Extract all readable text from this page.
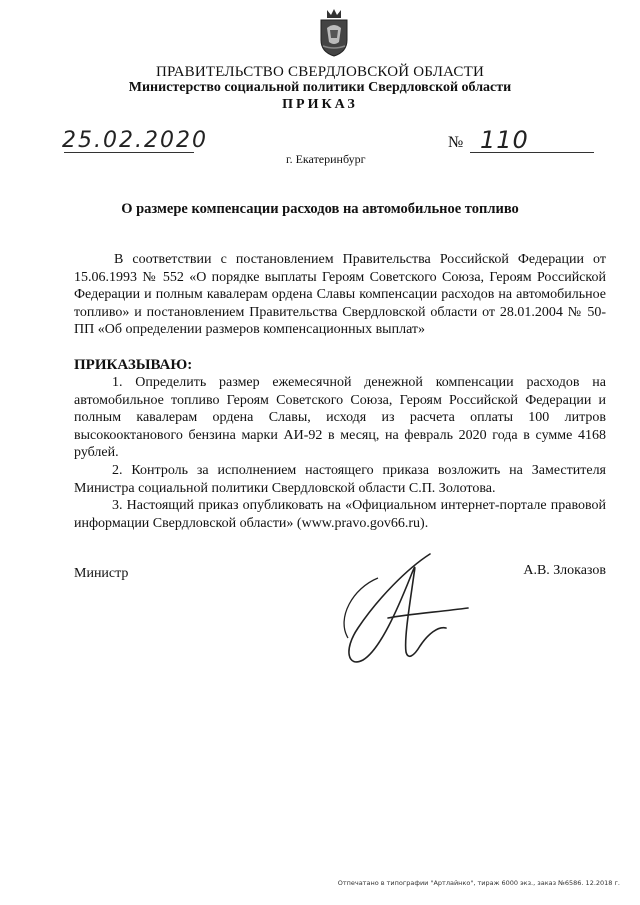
ПРАВИТЕЛЬСТВО СВЕРДЛОВСКОЙ ОБЛАСТИ
Министерство социальной политики Свердловской области
ПРИКАЗ
25.02.2020	№ 110
г. Екатеринбург
О размере компенсации расходов на автомобильное топливо

В соответствии с постановлением Правительства Российской Федерации от 15.06.1993 № 552 «О порядке выплаты Героям Советского Союза, Героям Российской Федерации и полным кавалерам ордена Славы компенсации расходов на автомобильное топливо» и постановлением Правительства Свердловской области от 28.01.2004 № 50-ПП «Об определении размеров компенсационных выплат»

ПРИКАЗЫВАЮ:

1. Определить размер ежемесячной денежной компенсации расходов на автомобильное топливо Героям Советского Союза, Героям Российской Федерации и полным кавалерам ордена Славы, исходя из расчета оплаты 100 литров высокооктанового бензина марки АИ-92 в месяц, на февраль 2020 года в сумме 4168 рублей.

2. Контроль за исполнением настоящего приказа возложить на Заместителя Министра социальной политики Свердловской области С.П. Золотова.

3. Настоящий приказ опубликовать на «Официальном интернет-портале правовой информации Свердловской области» (www.pravo.gov66.ru).

Министр	А.В. Злоказов
Отпечатано в типографии "Артлайнко", тираж 6000 экз., заказ №6586. 12.2018 г.
